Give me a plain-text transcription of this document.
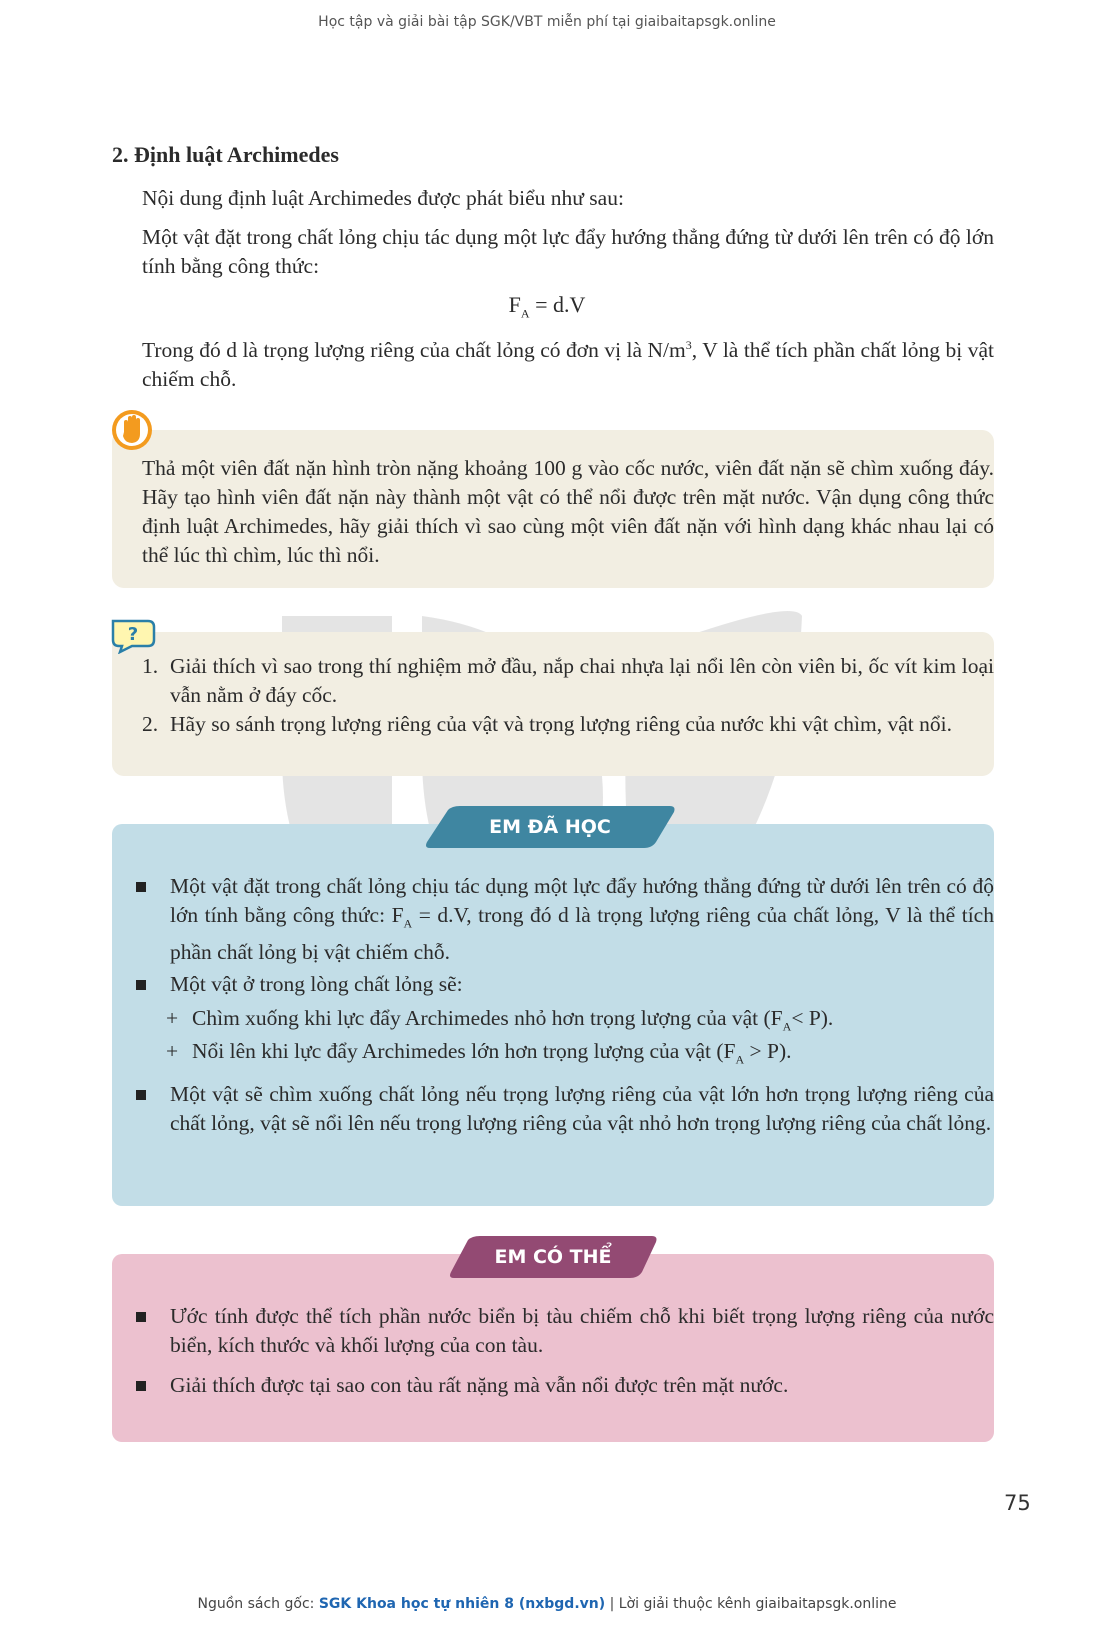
Học tập và giải bài tập SGK/VBT miễn phí tại giaibaitapsgk.online
2. Định luật Archimedes
Nội dung định luật Archimedes được phát biểu như sau:
Một vật đặt trong chất lỏng chịu tác dụng một lực đẩy hướng thẳng đứng từ dưới lên trên có độ lớn tính bằng công thức:
$F_A = d.V$
Trong đó d là trọng lượng riêng của chất lỏng có đơn vị là $N/m^3$, V là thể tích phần chất lỏng bị vật chiếm chỗ.
Thả một viên đất nặn hình tròn nặng khoảng 100 g vào cốc nước, viên đất nặn sẽ chìm xuống đáy. Hãy tạo hình viên đất nặn này thành một vật có thể nổi được trên mặt nước. Vận dụng công thức định luật Archimedes, hãy giải thích vì sao cùng một viên đất nặn với hình dạng khác nhau lại có thể lúc thì chìm, lúc thì nổi.
?
1. Giải thích vì sao trong thí nghiệm mở đầu, nắp chai nhựa lại nổi lên còn viên bi, ốc vít kim loại vẫn nằm ở đáy cốc.
2. Hãy so sánh trọng lượng riêng của vật và trọng lượng riêng của nước khi vật chìm, vật nổi.
EM ĐÃ HỌC
Một vật đặt trong chất lỏng chịu tác dụng một lực đẩy hướng thẳng đứng từ dưới lên trên có độ lớn tính bằng công thức: $F_A = d.V$, trong đó d là trọng lượng riêng của chất lỏng, V là thể tích phần chất lỏng bị vật chiếm chỗ.
Một vật ở trong lòng chất lỏng sẽ:
+ Chìm xuống khi lực đẩy Archimedes nhỏ hơn trọng lượng của vật $(F_A< P)$.
+ Nổi lên khi lực đẩy Archimedes lớn hơn trọng lượng của vật $(F_A > P)$.
Một vật sẽ chìm xuống chất lỏng nếu trọng lượng riêng của vật lớn hơn trọng lượng riêng của chất lỏng, vật sẽ nổi lên nếu trọng lượng riêng của vật nhỏ hơn trọng lượng riêng của chất lỏng.
EM CÓ THỂ
Ước tính được thể tích phần nước biển bị tàu chiếm chỗ khi biết trọng lượng riêng của nước biển, kích thước và khối lượng của con tàu.
Giải thích được tại sao con tàu rất nặng mà vẫn nổi được trên mặt nước.
75
Nguồn sách gốc: SGK Khoa học tự nhiên 8 (nxbgd.vn) | Lời giải thuộc kênh giaibaitapsgk.online
